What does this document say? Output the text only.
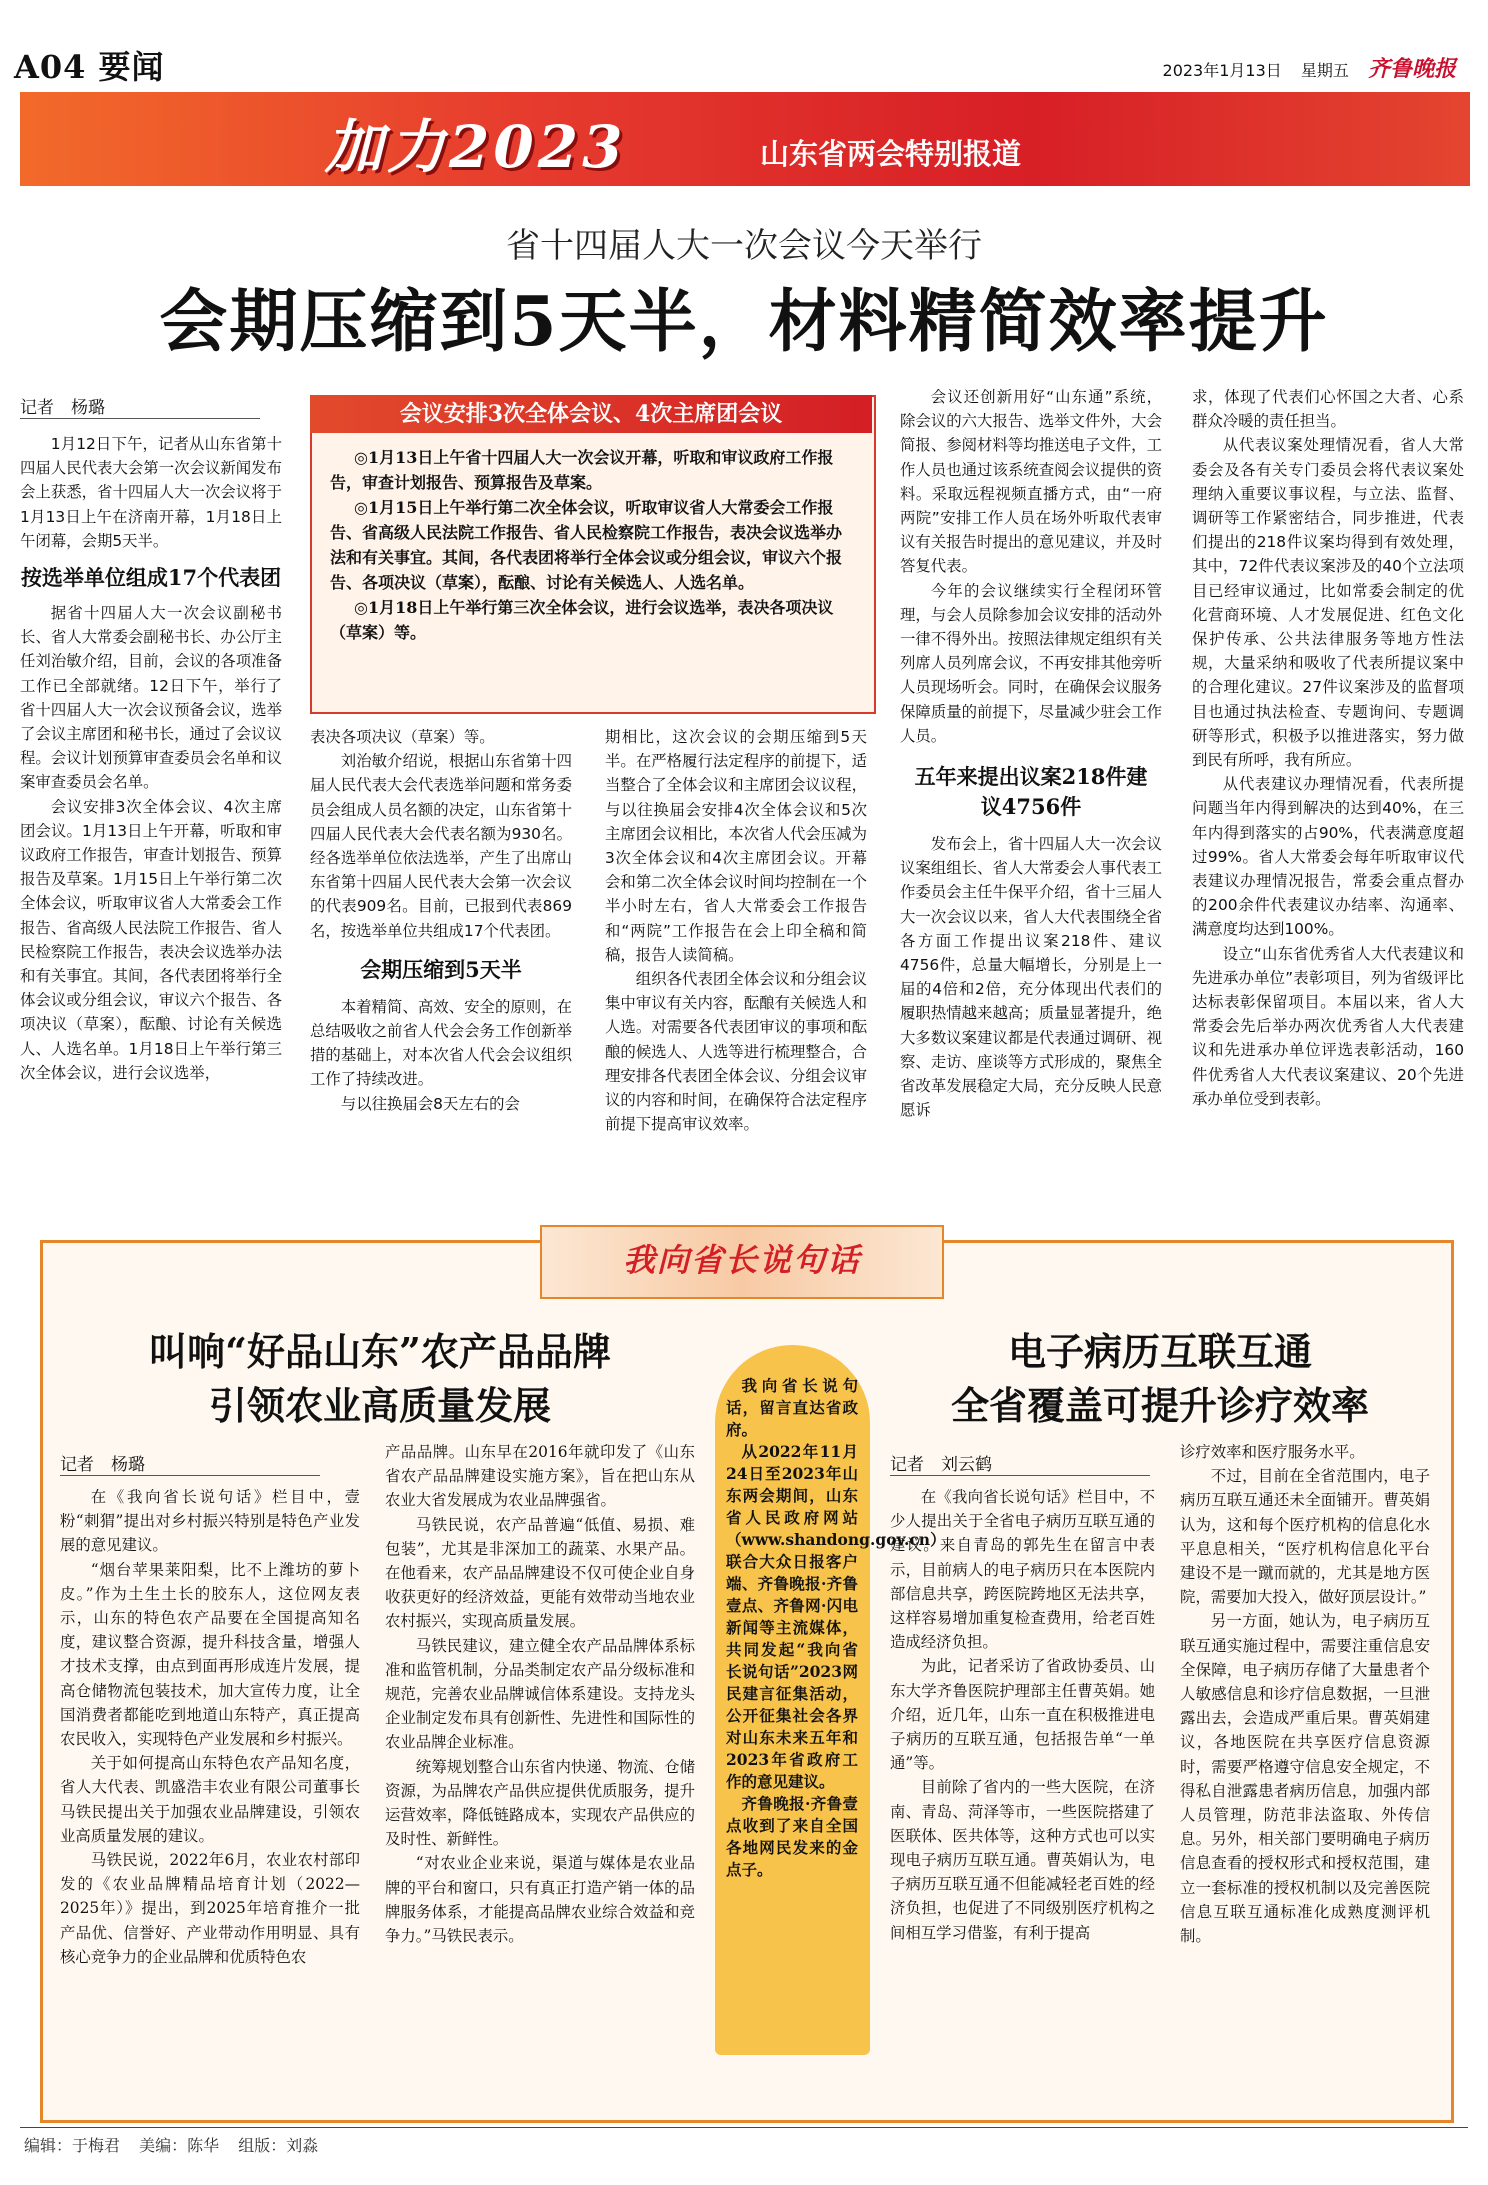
A04 要闻	2023年1月13日 星期五 齐鲁晚报
加力2023	山东省两会特别报道
省十四届人大一次会议今天举行
会期压缩到5天半，材料精简效率提升
记者　杨璐

1月12日下午，记者从山东省第十四届人民代表大会第一次会议新闻发布会上获悉，省十四届人大一次会议将于1月13日上午在济南开幕，1月18日上午闭幕，会期5天半。

按选举单位组成17个代表团

据省十四届人大一次会议副秘书长、省人大常委会副秘书长、办公厅主任刘治敏介绍，目前，会议的各项准备工作已全部就绪。12日下午，举行了省十四届人大一次会议预备会议，选举了会议主席团和秘书长，通过了会议议程。会议计划预算审查委员会名单和议案审查委员会名单。

会议安排3次全体会议、4次主席团会议。1月13日上午开幕，听取和审议政府工作报告，审查计划报告、预算报告及草案。1月15日上午举行第二次全体会议，听取审议省人大常委会工作报告、省高级人民法院工作报告、省人民检察院工作报告，表决会议选举办法和有关事宜。其间，各代表团将举行全体会议或分组会议，审议六个报告、各项决议（草案），酝酿、讨论有关候选人、人选名单。1月18日上午举行第三次全体会议，进行会议选举，

会议安排3次全体会议、4次主席团会议

◎1月13日上午省十四届人大一次会议开幕，听取和审议政府工作报告，审查计划报告、预算报告及草案。

◎1月15日上午举行第二次全体会议，听取审议省人大常委会工作报告、省高级人民法院工作报告、省人民检察院工作报告，表决会议选举办法和有关事宜。其间，各代表团将举行全体会议或分组会议，审议六个报告、各项决议（草案），酝酿、讨论有关候选人、人选名单。

◎1月18日上午举行第三次全体会议，进行会议选举，表决各项决议（草案）等。

表决各项决议（草案）等。

刘治敏介绍说，根据山东省第十四届人民代表大会代表选举问题和常务委员会组成人员名额的决定，山东省第十四届人民代表大会代表名额为930名。经各选举单位依法选举，产生了出席山东省第十四届人民代表大会第一次会议的代表909名。目前，已报到代表869名，按选举单位共组成17个代表团。

会期压缩到5天半

本着精简、高效、安全的原则，在总结吸收之前省人代会会务工作创新举措的基础上，对本次省人代会会议组织工作了持续改进。

与以往换届会8天左右的会

期相比，这次会议的会期压缩到5天半。在严格履行法定程序的前提下，适当整合了全体会议和主席团会议议程，与以往换届会安排4次全体会议和5次主席团会议相比，本次省人代会压减为3次全体会议和4次主席团会议。开幕会和第二次全体会议时间均控制在一个半小时左右，省人大常委会工作报告和“两院”工作报告在会上印全稿和简稿，报告人读简稿。

组织各代表团全体会议和分组会议集中审议有关内容，酝酿有关候选人和人选。对需要各代表团审议的事项和酝酿的候选人、人选等进行梳理整合，合理安排各代表团全体会议、分组会议审议的内容和时间，在确保符合法定程序前提下提高审议效率。

会议还创新用好“山东通”系统，除会议的六大报告、选举文件外，大会简报、参阅材料等均推送电子文件，工作人员也通过该系统查阅会议提供的资料。采取远程视频直播方式，由“一府两院”安排工作人员在场外听取代表审议有关报告时提出的意见建议，并及时答复代表。

今年的会议继续实行全程闭环管理，与会人员除参加会议安排的活动外一律不得外出。按照法律规定组织有关列席人员列席会议，不再安排其他旁听人员现场听会。同时，在确保会议服务保障质量的前提下，尽量减少驻会工作人员。

五年来提出议案218件建议4756件

发布会上，省十四届人大一次会议议案组组长、省人大常委会人事代表工作委员会主任牛保平介绍，省十三届人大一次会议以来，省人大代表围绕全省各方面工作提出议案218件、建议4756件，总量大幅增长，分别是上一届的4倍和2倍，充分体现出代表们的履职热情越来越高；质量显著提升，绝大多数议案建议都是代表通过调研、视察、走访、座谈等方式形成的，聚焦全省改革发展稳定大局，充分反映人民意愿诉

求，体现了代表们心怀国之大者、心系群众冷暖的责任担当。

从代表议案处理情况看，省人大常委会及各有关专门委员会将代表议案处理纳入重要议事议程，与立法、监督、调研等工作紧密结合，同步推进，代表们提出的218件议案均得到有效处理，其中，72件代表议案涉及的40个立法项目已经审议通过，比如常委会制定的优化营商环境、人才发展促进、红色文化保护传承、公共法律服务等地方性法规，大量采纳和吸收了代表所提议案中的合理化建议。27件议案涉及的监督项目也通过执法检查、专题询问、专题调研等形式，积极予以推进落实，努力做到民有所呼，我有所应。

从代表建议办理情况看，代表所提问题当年内得到解决的达到40%，在三年内得到落实的占90%，代表满意度超过99%。省人大常委会每年听取审议代表建议办理情况报告，常委会重点督办的200余件代表建议办结率、沟通率、满意度均达到100%。

设立“山东省优秀省人大代表建议和先进承办单位”表彰项目，列为省级评比达标表彰保留项目。本届以来，省人大常委会先后举办两次优秀省人大代表建议和先进承办单位评选表彰活动，160件优秀省人大代表议案建议、20个先进承办单位受到表彰。

我向省长说句话
叫响“好品山东”农产品品牌
引领农业高质量发展
记者　杨璐

在《我向省长说句话》栏目中，壹粉“刺猬”提出对乡村振兴特别是特色产业发展的意见建议。

“烟台苹果莱阳梨，比不上潍坊的萝卜皮。”作为土生土长的胶东人，这位网友表示，山东的特色农产品要在全国提高知名度，建议整合资源，提升科技含量，增强人才技术支撑，由点到面再形成连片发展，提高仓储物流包装技术，加大宣传力度，让全国消费者都能吃到地道山东特产，真正提高农民收入，实现特色产业发展和乡村振兴。

关于如何提高山东特色农产品知名度，省人大代表、凯盛浩丰农业有限公司董事长马铁民提出关于加强农业品牌建设，引领农业高质量发展的建议。

马铁民说，2022年6月，农业农村部印发的《农业品牌精品培育计划（2022—2025年）》提出，到2025年培育推介一批产品优、信誉好、产业带动作用明显、具有核心竞争力的企业品牌和优质特色农

产品品牌。山东早在2016年就印发了《山东省农产品品牌建设实施方案》，旨在把山东从农业大省发展成为农业品牌强省。

马铁民说，农产品普遍“低值、易损、难包装”，尤其是非深加工的蔬菜、水果产品。在他看来，农产品品牌建设不仅可使企业自身收获更好的经济效益，更能有效带动当地农业农村振兴，实现高质量发展。

马铁民建议，建立健全农产品品牌体系标准和监管机制，分品类制定农产品分级标准和规范，完善农业品牌诚信体系建设。支持龙头企业制定发布具有创新性、先进性和国际性的农业品牌企业标准。

统筹规划整合山东省内快递、物流、仓储资源，为品牌农产品供应提供优质服务，提升运营效率，降低链路成本，实现农产品供应的及时性、新鲜性。

“对农业企业来说，渠道与媒体是农业品牌的平台和窗口，只有真正打造产销一体的品牌服务体系，才能提高品牌农业综合效益和竞争力。”马铁民表示。

我向省长说句话，留言直达省政府。

从2022年11月24日至2023年山东两会期间，山东省人民政府网站（www.shandong.gov.cn）联合大众日报客户端、齐鲁晚报·齐鲁壹点、齐鲁网·闪电新闻等主流媒体，共同发起“我向省长说句话”2023网民建言征集活动，公开征集社会各界对山东未来五年和2023年省政府工作的意见建议。

齐鲁晚报·齐鲁壹点收到了来自全国各地网民发来的金点子。

电子病历互联互通
全省覆盖可提升诊疗效率
记者　刘云鹤

在《我向省长说句话》栏目中，不少人提出关于全省电子病历互联互通的建议。来自青岛的郭先生在留言中表示，目前病人的电子病历只在本医院内部信息共享，跨医院跨地区无法共享，这样容易增加重复检查费用，给老百姓造成经济负担。

为此，记者采访了省政协委员、山东大学齐鲁医院护理部主任曹英娟。她介绍，近几年，山东一直在积极推进电子病历的互联互通，包括报告单“一单通”等。

目前除了省内的一些大医院，在济南、青岛、菏泽等市，一些医院搭建了医联体、医共体等，这种方式也可以实现电子病历互联互通。曹英娟认为，电子病历互联互通不但能减轻老百姓的经济负担，也促进了不同级别医疗机构之间相互学习借鉴，有利于提高

诊疗效率和医疗服务水平。

不过，目前在全省范围内，电子病历互联互通还未全面铺开。曹英娟认为，这和每个医疗机构的信息化水平息息相关，“医疗机构信息化平台建设不是一蹴而就的，尤其是地方医院，需要加大投入，做好顶层设计。”

另一方面，她认为，电子病历互联互通实施过程中，需要注重信息安全保障，电子病历存储了大量患者个人敏感信息和诊疗信息数据，一旦泄露出去，会造成严重后果。曹英娟建议，各地医院在共享医疗信息资源时，需要严格遵守信息安全规定，不得私自泄露患者病历信息，加强内部人员管理，防范非法盗取、外传信息。另外，相关部门要明确电子病历信息查看的授权形式和授权范围，建立一套标准的授权机制以及完善医院信息互联互通标准化成熟度测评机制。

编辑：于梅君 美编：陈华 组版：刘淼
